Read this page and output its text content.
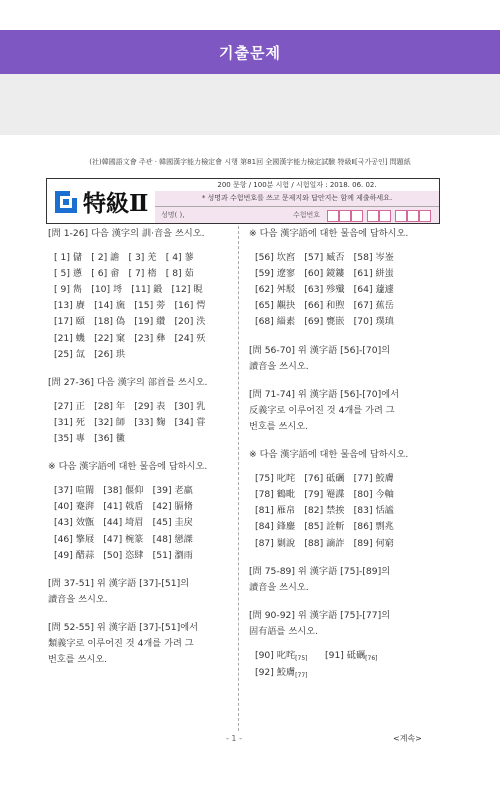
기출문제
(社)韓國語文會 주관 · 韓國漢字能力檢定會 시행 第81回 全國漢字能力檢定試驗 特級Ⅱ[국가공인] 問題紙
特級Ⅱ
200 문항 / 100분 시험 / 시험일자 : 2018. 06. 02.
* 성명과 수험번호를 쓰고 문제지와 답안지는 함께 제출하세요.
성명( ),	수험번호
[問 1-26] 다음 漢字의 訓·音을 쓰시오.
[ 1] 儲　[ 2] 譫　[ 3] 羌　[ 4] 蓼
[ 5] 懣　[ 6] 畲　[ 7] 楕　[ 8] 茹
[ 9] 雋　[10] 埓　[11] 鍛　[12] 睍
[13] 賡　[14] 旒　[15] 蒡　[16] 愕
[17] 頤　[18] 偽　[19] 纘　[20] 泆
[21] 蟣　[22] 窠　[23] 彝　[24] 殀
[25] 氙　[26] 珙
[問 27-36] 다음 漢字의 部首를 쓰시오.
[27] 正　[28] 年　[29] 表　[30] 乳
[31] 死　[32] 師　[33] 麴　[34] 甞
[35] 專　[36] 黴
※ 다음 漢字語에 대한 물음에 답하시오.
[37] 喧閙　[38] 偃仰　[39] 老羸
[40] 蹇湃　[41] 戟盾　[42] 膈脩
[43] 效甑　[44] 埼眉　[45] 圭戾
[46] 擎屐　[47] 椀篆　[48] 戀謋
[49] 醋蒜　[50] 恣肆　[51] 瀏雨
[問 37-51] 위 漢字語 [37]-[51]의
讀音을 쓰시오.
[問 52-55] 위 漢字語 [37]-[51]에서
類義字로 이루어진 것 4개를 가려 그
번호를 쓰시오.
※ 다음 漢字語에 대한 물음에 답하시오.
[56] 坎窞　[57] 臧否　[58] 岑崟
[59] 遼寥　[60] 鏡鏤　[61] 絣蚩
[62] 舛駁　[63] 殄殲　[64] 蘧遽
[65] 覯抉　[66] 和煦　[67] 蕉岳
[68] 緇素　[69] 甕嵌　[70] 璞瑱
[問 56-70] 위 漢字語 [56]-[70]의
讀音을 쓰시오.
[問 71-74] 위 漢字語 [56]-[70]에서
反義字로 이루어진 것 4개를 가려 그
번호를 쓰시오.
※ 다음 漢字語에 대한 물음에 답하시오.
[75] 叱咤　[76] 砥礪　[77] 鮫膚
[78] 鶴毗　[79] 罨諜　[80] 今軸
[81] 雁帛　[82] 禁挨　[83] 恬謐
[84] 鋒鏖　[85] 詮斬　[86] 剽兆
[87] 剿說　[88] 謫詐　[89] 何窮
[問 75-89] 위 漢字語 [75]-[89]의
讀音을 쓰시오.
[問 90-92] 위 漢字語 [75]-[77]의
固有語를 쓰시오.
[90] 叱咤$_{[75]}$ [91] 砥礪$_{[76]}$
[92] 鮫膚$_{[77]}$
- 1 -	<계속>
